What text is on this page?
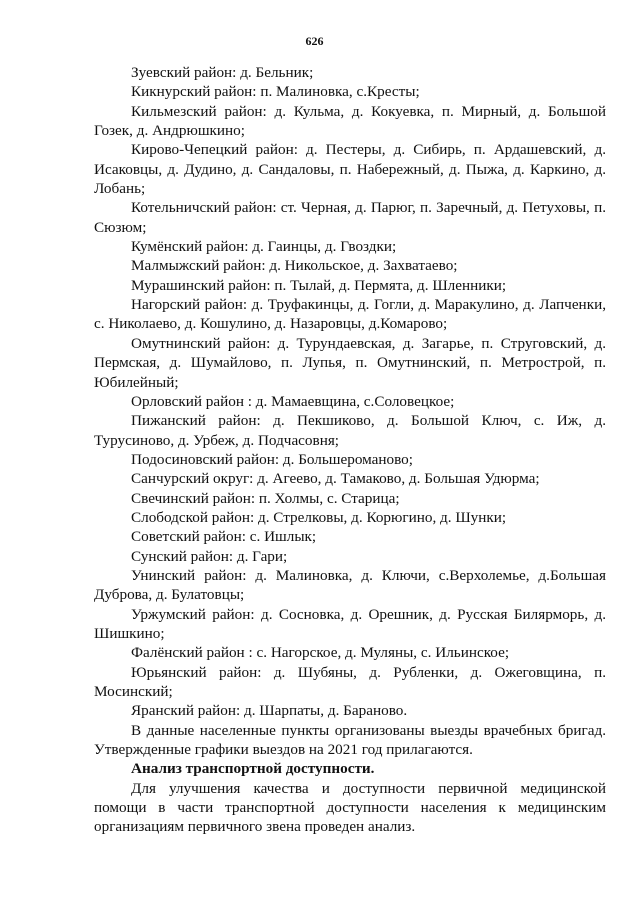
626

Зуевский район: д. Бельник;

Кикнурский район: п. Малиновка, с.Кресты;

Кильмезский район: д. Кульма, д. Кокуевка, п. Мирный, д. Большой Гозек, д. Андрюшкино;

Кирово-Чепецкий район: д. Пестеры, д. Сибирь, п. Ардашевский, д. Исаковцы, д. Дудино, д. Сандаловы, п. Набережный, д. Пыжа, д. Каркино, д. Лобань;

Котельничский район: ст. Черная, д. Парюг, п. Заречный, д. Петуховы, п. Сюзюм;

Кумёнский район: д. Гаинцы, д. Гвоздки;

Малмыжский район: д. Никольское, д. Захватаево;

Мурашинский район: п. Тылай, д. Пермята, д. Шленники;

Нагорский район: д. Труфакинцы, д. Гогли, д. Маракулино, д. Лапченки, с. Николаево, д. Кошулино, д. Назаровцы, д.Комарово;

Омутнинский район: д. Турундаевская, д. Загарье, п. Струговский, д. Пермская, д. Шумайлово, п. Лупья, п. Омутнинский, п. Метрострой, п. Юбилейный;

Орловский район : д. Мамаевщина, с.Соловецкое;

Пижанский район: д. Пекшиково, д. Большой Ключ, с. Иж, д. Турусиново, д. Урбеж, д. Подчасовня;

Подосиновский район: д. Большероманово;

Санчурский округ: д. Агеево, д. Тамаково, д. Большая Удюрма;

Свечинский район: п. Холмы, с. Старица;

Слободской район: д. Стрелковы, д. Корюгино, д. Шунки;

Советский район: с. Ишлык;

Сунский район: д. Гари;

Унинский район: д. Малиновка, д. Ключи, с.Верхолемье, д.Большая Дуброва, д. Булатовцы;

Уржумский район: д. Сосновка, д. Орешник, д. Русская Билярморь, д. Шишкино;

Фалёнский район : с. Нагорское, д. Муляны, с. Ильинское;

Юрьянский район: д. Шубяны, д. Рубленки, д. Ожеговщина, п. Мосинский;

Яранский район: д. Шарпаты, д. Бараново.

В данные населенные пункты организованы выезды врачебных бригад. Утвержденные графики выездов на 2021 год прилагаются.

Анализ транспортной доступности.

Для улучшения качества и доступности первичной медицинской помощи в части транспортной доступности населения к медицинским организациям первичного звена проведен анализ.
